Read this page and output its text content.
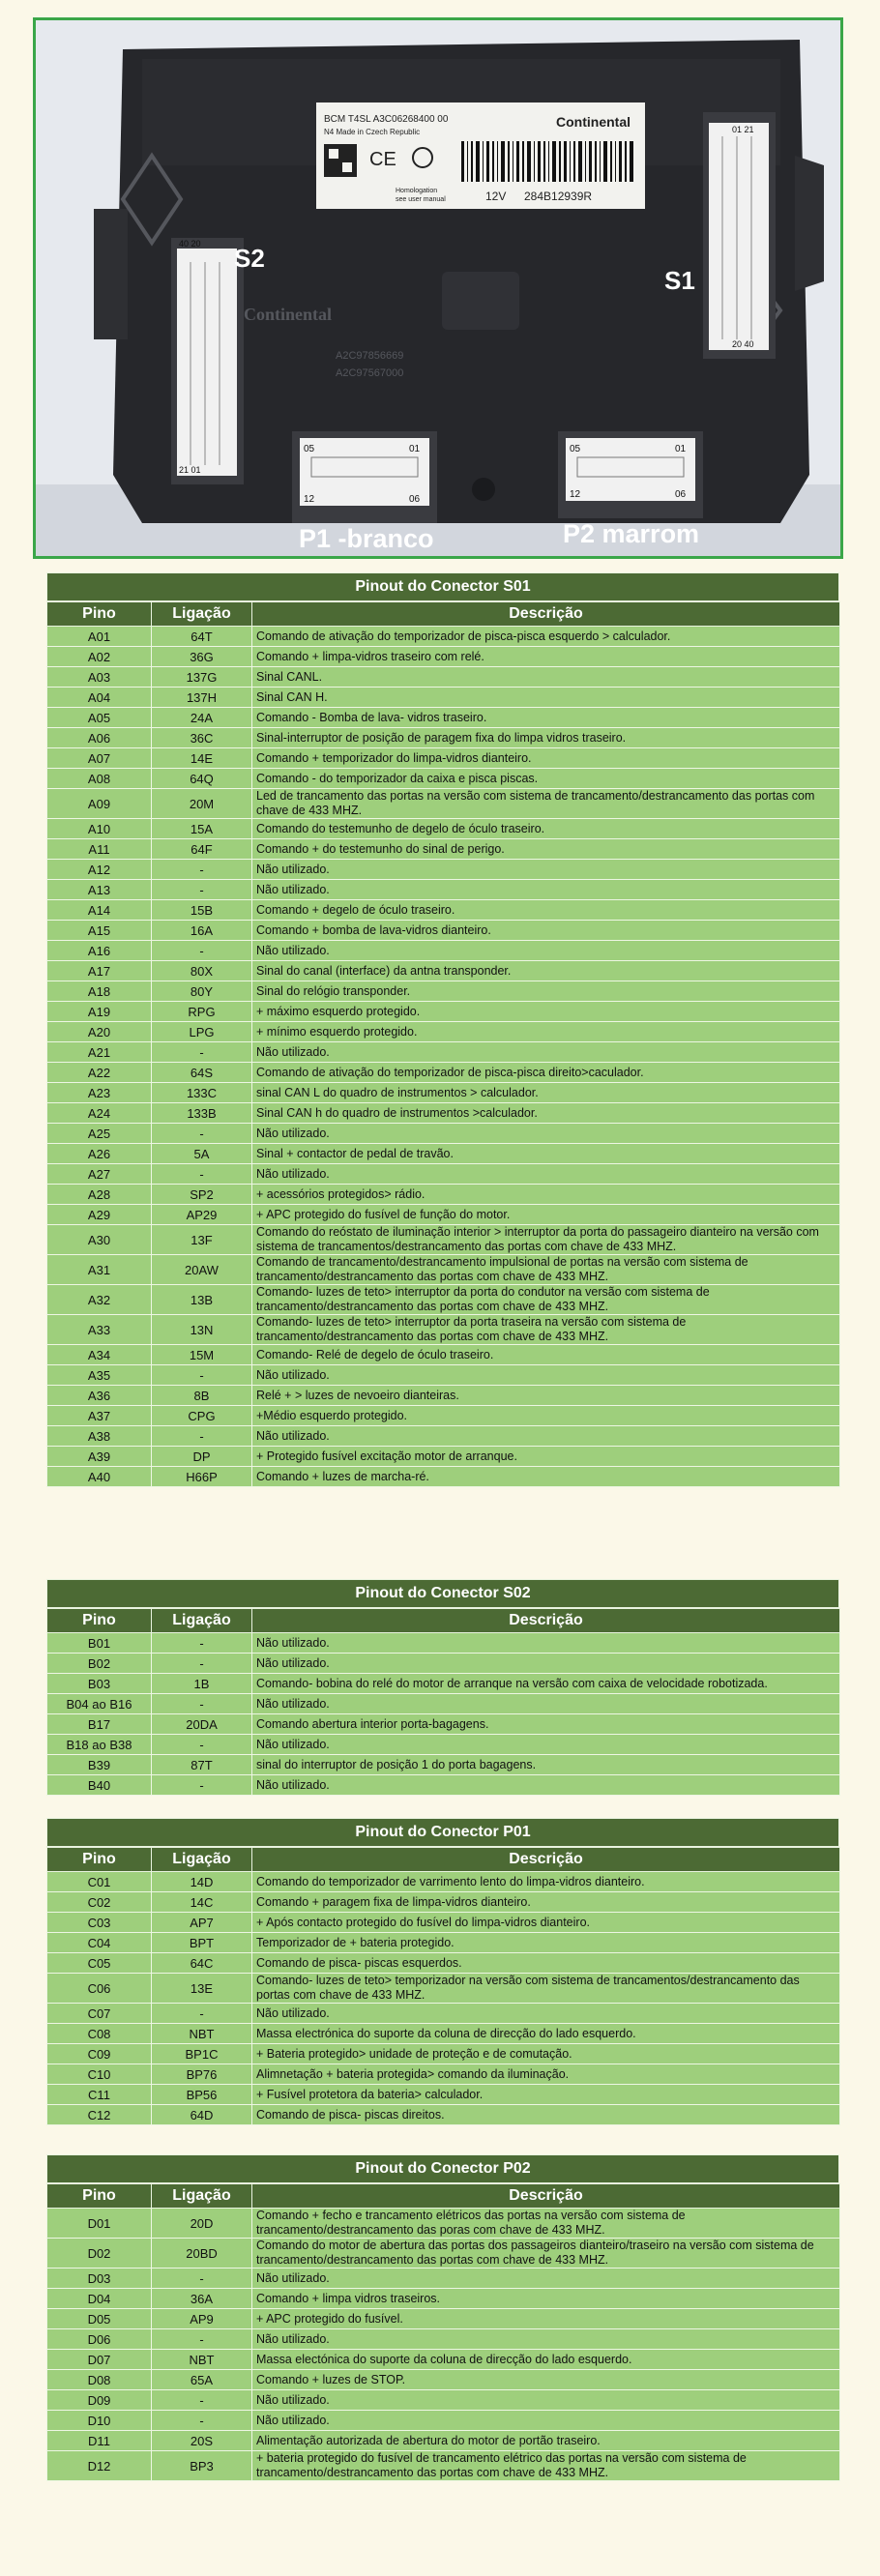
BCM T4SL A3C06268400 00
N4 Made in Czech Republic
Continental
CE
Homologation
see user manual	12V 284B12939R
Continental
A2C97856669
A2C97567000
40 20
21 01
S2
01 21
20 40
S1
05	01
12	06
P1 -branco
05	01
12	06
P2 marrom
Pinout do Conector S01
Pino	Ligação	Descrição
A01	64T	Comando de ativação do temporizador de pisca-pisca esquerdo > calculador.
A02	36G	Comando + limpa-vidros traseiro com relé.
A03	137G	Sinal CANL.
A04	137H	Sinal CAN H.
A05	24A	Comando - Bomba de lava- vidros traseiro.
A06	36C	Sinal-interruptor de posição de paragem fixa do limpa vidros traseiro.
A07	14E	Comando + temporizador do limpa-vidros dianteiro.
A08	64Q	Comando - do temporizador da caixa e pisca piscas.
A09	20M	Led de trancamento das portas na versão com sistema de trancamento/destrancamento das portas com chave de 433 MHZ.
A10	15A	Comando do testemunho de degelo de óculo traseiro.
A11	64F	Comando + do testemunho do sinal de perigo.
A12	-	Não utilizado.
A13	-	Não utilizado.
A14	15B	Comando + degelo de óculo traseiro.
A15	16A	Comando + bomba de lava-vidros dianteiro.
A16	-	Não utilizado.
A17	80X	Sinal do canal (interface) da antna transponder.
A18	80Y	Sinal do relógio transponder.
A19	RPG	+ máximo esquerdo protegido.
A20	LPG	+ mínimo esquerdo protegido.
A21	-	Não utilizado.
A22	64S	Comando de ativação do temporizador de pisca-pisca direito>caculador.
A23	133C	sinal CAN L do quadro de instrumentos > calculador.
A24	133B	Sinal CAN h do quadro de instrumentos >calculador.
A25	-	Não utilizado.
A26	5A	Sinal + contactor de pedal de travão.
A27	-	Não utilizado.
A28	SP2	+ acessórios protegidos> rádio.
A29	AP29	+ APC protegido do fusível de função do motor.
A30	13F	Comando do reóstato de iluminação interior > interruptor da porta do passageiro dianteiro na versão com sistema de trancamentos/destrancamento das portas com chave de 433 MHZ.
A31	20AW	Comando de trancamento/destrancamento impulsional de portas na versão com sistema de trancamento/destrancamento das portas com chave de 433 MHZ.
A32	13B	Comando- luzes de teto> interruptor da porta do condutor na versão com sistema de trancamento/destrancamento das portas com chave de 433 MHZ.
A33	13N	Comando- luzes de teto> interruptor da porta traseira na versão com sistema de trancamento/destrancamento das portas com chave de 433 MHZ.
A34	15M	Comando- Relé de degelo de óculo traseiro.
A35	-	Não utilizado.
A36	8B	Relé + > luzes de nevoeiro dianteiras.
A37	CPG	+Médio esquerdo protegido.
A38	-	Não utilizado.
A39	DP	+ Protegido fusível excitação motor de arranque.
A40	H66P	Comando + luzes de marcha-ré.
Pinout do Conector S02
Pino	Ligação	Descrição
B01	-	Não utilizado.
B02	-	Não utilizado.
B03	1B	Comando- bobina do relé do motor de arranque na versão com caixa de velocidade robotizada.
B04 ao B16	-	Não utilizado.
B17	20DA	Comando abertura interior porta-bagagens.
B18 ao B38	-	Não utilizado.
B39	87T	sinal do interruptor de posição 1 do porta bagagens.
B40	-	Não utilizado.
Pinout do Conector P01
Pino	Ligação	Descrição
C01	14D	Comando do temporizador de varrimento lento do limpa-vidros dianteiro.
C02	14C	Comando + paragem fixa de limpa-vidros dianteiro.
C03	AP7	+ Após contacto protegido do fusível do limpa-vidros dianteiro.
C04	BPT	Temporizador de + bateria protegido.
C05	64C	Comando de pisca- piscas esquerdos.
C06	13E	Comando- luzes de teto> temporizador na versão com sistema de trancamentos/destrancamento das portas com chave de 433 MHZ.
C07	-	Não utilizado.
C08	NBT	Massa electrónica do suporte da coluna de direcção do lado esquerdo.
C09	BP1C	+ Bateria protegido> unidade de proteção e de comutação.
C10	BP76	Alimnetação + bateria protegida> comando da iluminação.
C11	BP56	+ Fusível protetora da bateria> calculador.
C12	64D	Comando de pisca- piscas direitos.
Pinout do Conector P02
Pino	Ligação	Descrição
D01	20D	Comando + fecho e trancamento elétricos das portas na versão com sistema de trancamento/destrancamento das poras com chave de 433 MHZ.
D02	20BD	Comando do motor de abertura das portas dos passageiros dianteiro/traseiro na versão com sistema de trancamento/destrancamento das portas com chave de 433 MHZ.
D03	-	Não utilizado.
D04	36A	Comando + limpa vidros traseiros.
D05	AP9	+ APC protegido do fusível.
D06	-	Não utilizado.
D07	NBT	Massa electónica do suporte da coluna de direcção do lado esquerdo.
D08	65A	Comando + luzes de STOP.
D09	-	Não utilizado.
D10	-	Não utilizado.
D11	20S	Alimentação autorizada de abertura do motor de portão traseiro.
D12	BP3	+ bateria protegido do fusível de trancamento elétrico das portas na versão com sistema de trancamento/destrancamento das portas com chave de 433 MHZ.
